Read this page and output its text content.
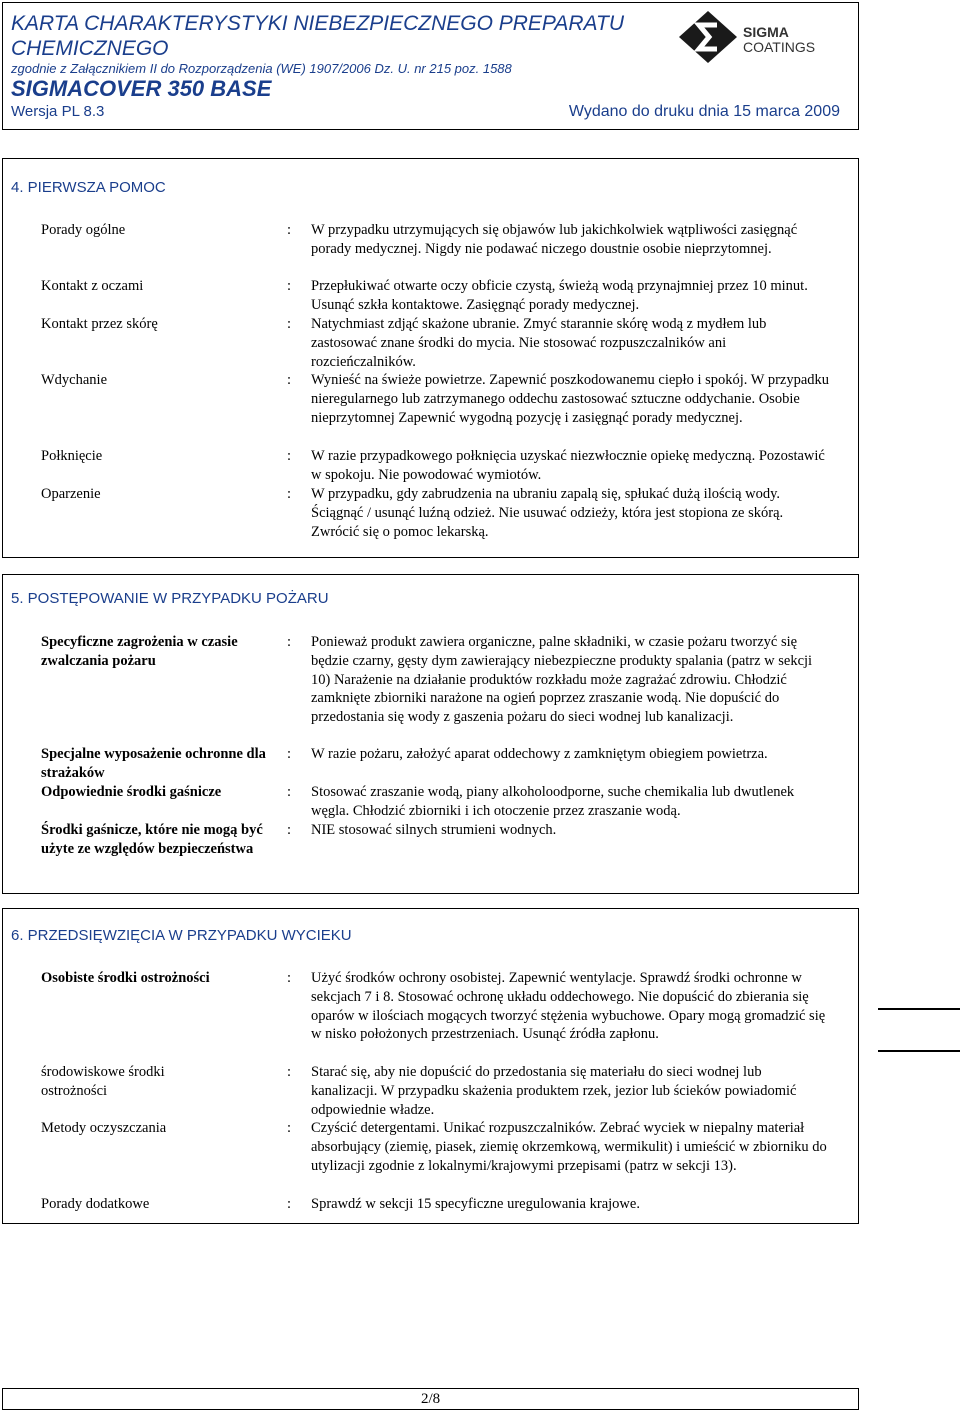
KARTA CHARAKTERYSTYKI NIEBEZPIECZNEGO PREPARATU CHEMICZNEGO
zgodnie z Załącznikiem II do Rozporządzenia (WE) 1907/2006 Dz. U. nr 215 poz. 1588
SIGMACOVER 350 BASE
Wersja PL 8.3	Wydano do druku dnia 15 marca 2009
SIGMA
COATINGS
4. PIERWSZA POMOC
Porady ogólne	: W przypadku utrzymujących się objawów lub jakichkolwiek wątpliwości zasięgnąć porady medycznej. Nigdy nie podawać niczego doustnie osobie nieprzytomnej.
Kontakt z oczami	: Przepłukiwać otwarte oczy obficie czystą, świeżą wodą przynajmniej przez 10 minut. Usunąć szkła kontaktowe. Zasięgnąć porady medycznej.
Kontakt przez skórę	: Natychmiast zdjąć skażone ubranie. Zmyć starannie skórę wodą z mydłem lub zastosować znane środki do mycia. Nie stosować rozpuszczalników ani rozcieńczalników.
Wdychanie	: Wynieść na świeże powietrze. Zapewnić poszkodowanemu ciepło i spokój. W przypadku nieregularnego lub zatrzymanego oddechu zastosować sztuczne oddychanie. Osobie nieprzytomnej Zapewnić wygodną pozycję i zasięgnąć porady medycznej.
Połknięcie	: W razie przypadkowego połknięcia uzyskać niezwłocznie opiekę medyczną. Pozostawić w spokoju. Nie powodować wymiotów.
Oparzenie	: W przypadku, gdy zabrudzenia na ubraniu zapalą się, spłukać dużą ilością wody. Ściągnąć / usunąć luźną odzież. Nie usuwać odzieży, która jest stopiona ze skórą. Zwrócić się o pomoc lekarską.
5. POSTĘPOWANIE W PRZYPADKU POŻARU
Specyficzne zagrożenia w czasie zwalczania pożaru
: Ponieważ produkt zawiera organiczne, palne składniki, w czasie pożaru tworzyć się będzie czarny, gęsty dym zawierający niebezpieczne produkty spalania (patrz w sekcji 10) Narażenie na działanie produktów rozkładu może zagrażać zdrowiu. Chłodzić zamknięte zbiorniki narażone na ogień poprzez zraszanie wodą. Nie dopuścić do przedostania się wody z gaszenia pożaru do sieci wodnej lub kanalizacji.
Specjalne wyposażenie ochronne dla strażaków
: W razie pożaru, założyć aparat oddechowy z zamkniętym obiegiem powietrza.
Odpowiednie środki gaśnicze	: Stosować zraszanie wodą, piany alkoholoodporne, suche chemikalia lub dwutlenek węgla. Chłodzić zbiorniki i ich otoczenie przez zraszanie wodą.
Środki gaśnicze, które nie mogą być użyte ze względów bezpieczeństwa
: NIE stosować silnych strumieni wodnych.
6. PRZEDSIĘWZIĘCIA W PRZYPADKU WYCIEKU
Osobiste środki ostrożności	: Użyć środków ochrony osobistej. Zapewnić wentylacje. Sprawdź środki ochronne w sekcjach 7 i 8. Stosować ochronę układu oddechowego. Nie dopuścić do zbierania się oparów w ilościach mogących tworzyć stężenia wybuchowe. Opary mogą gromadzić się w nisko położonych przestrzeniach. Usunąć źródła zapłonu.
środowiskowe środki ostrożności
: Starać się, aby nie dopuścić do przedostania się materiału do sieci wodnej lub kanalizacji. W przypadku skażenia produktem rzek, jezior lub ścieków powiadomić odpowiednie władze.
Metody oczyszczania	: Czyścić detergentami. Unikać rozpuszczalników. Zebrać wyciek w niepalny materiał absorbujący (ziemię, piasek, ziemię okrzemkową, wermikulit) i umieścić w zbiorniku do utylizacji zgodnie z lokalnymi/krajowymi przepisami (patrz w sekcji 13).
Porady dodatkowe	: Sprawdź w sekcji 15 specyficzne uregulowania krajowe.
2/8
